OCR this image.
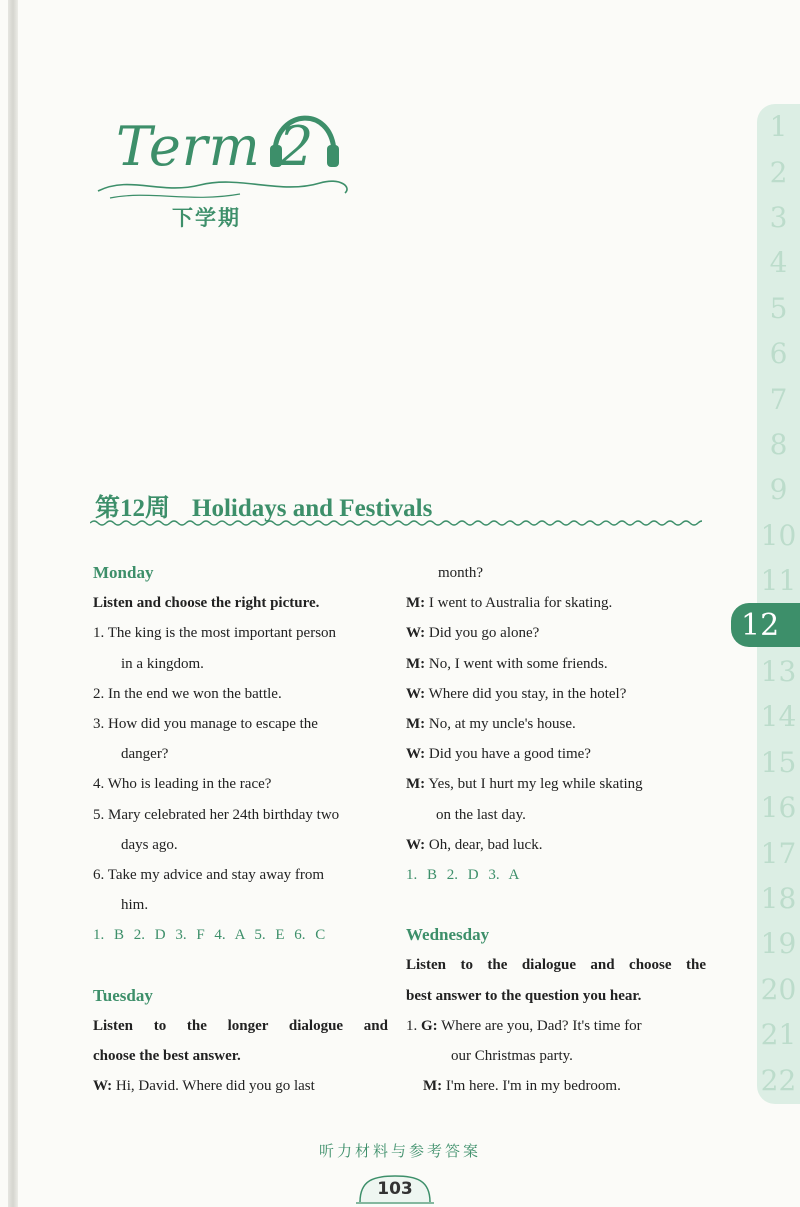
Term 2
下学期
第12周 Holidays and Festivals
Monday
Listen and choose the right picture.
1. The king is the most important person
in a kingdom.
2. In the end we won the battle.
3. How did you manage to escape the
danger?
4. Who is leading in the race?
5. Mary celebrated her 24th birthday two
days ago.
6. Take my advice and stay away from
him.
1. B 2. D 3. F 4. A 5. E 6. C
Tuesday
Listen to the longer dialogue and
choose the best answer.
W: Hi, David. Where did you go last
month?
M: I went to Australia for skating.
W: Did you go alone?
M: No, I went with some friends.
W: Where did you stay, in the hotel?
M: No, at my uncle's house.
W: Did you have a good time?
M: Yes, but I hurt my leg while skating
on the last day.
W: Oh, dear, bad luck.
1. B 2. D 3. A
Wednesday
Listen to the dialogue and choose the
best answer to the question you hear.
1. G: Where are you, Dad? It's time for
our Christmas party.
M: I'm here. I'm in my bedroom.
1
2
3
4
5
6
7
8
9
10
11
12
13
14
15
16
17
18
19
20
21
22
听力材料与参考答案
103
